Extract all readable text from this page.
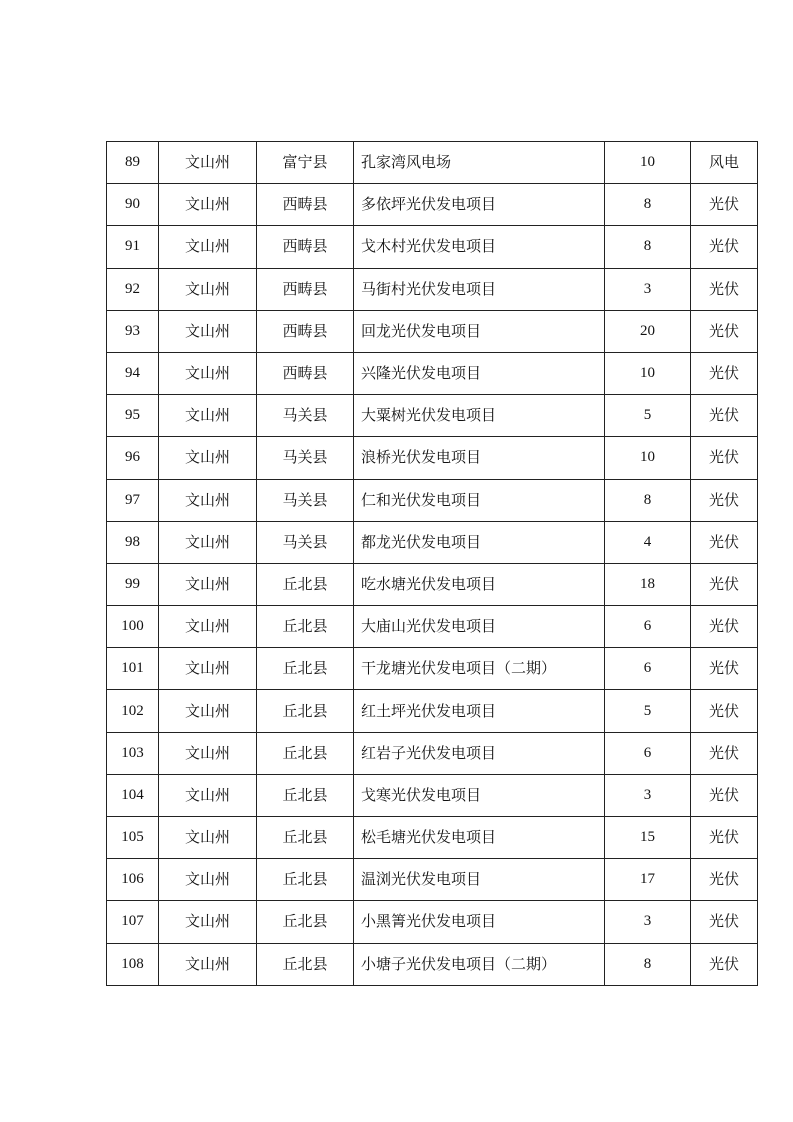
89	文山州	富宁县	孔家湾风电场	10	风电
90	文山州	西畴县	多依坪光伏发电项目	8	光伏
91	文山州	西畴县	戈木村光伏发电项目	8	光伏
92	文山州	西畴县	马街村光伏发电项目	3	光伏
93	文山州	西畴县	回龙光伏发电项目	20	光伏
94	文山州	西畴县	兴隆光伏发电项目	10	光伏
95	文山州	马关县	大粟树光伏发电项目	5	光伏
96	文山州	马关县	浪桥光伏发电项目	10	光伏
97	文山州	马关县	仁和光伏发电项目	8	光伏
98	文山州	马关县	都龙光伏发电项目	4	光伏
99	文山州	丘北县	吃水塘光伏发电项目	18	光伏
100	文山州	丘北县	大庙山光伏发电项目	6	光伏
101	文山州	丘北县	干龙塘光伏发电项目（二期）	6	光伏
102	文山州	丘北县	红土坪光伏发电项目	5	光伏
103	文山州	丘北县	红岩子光伏发电项目	6	光伏
104	文山州	丘北县	戈寒光伏发电项目	3	光伏
105	文山州	丘北县	松毛塘光伏发电项目	15	光伏
106	文山州	丘北县	温浏光伏发电项目	17	光伏
107	文山州	丘北县	小黑箐光伏发电项目	3	光伏
108	文山州	丘北县	小塘子光伏发电项目（二期）	8	光伏
